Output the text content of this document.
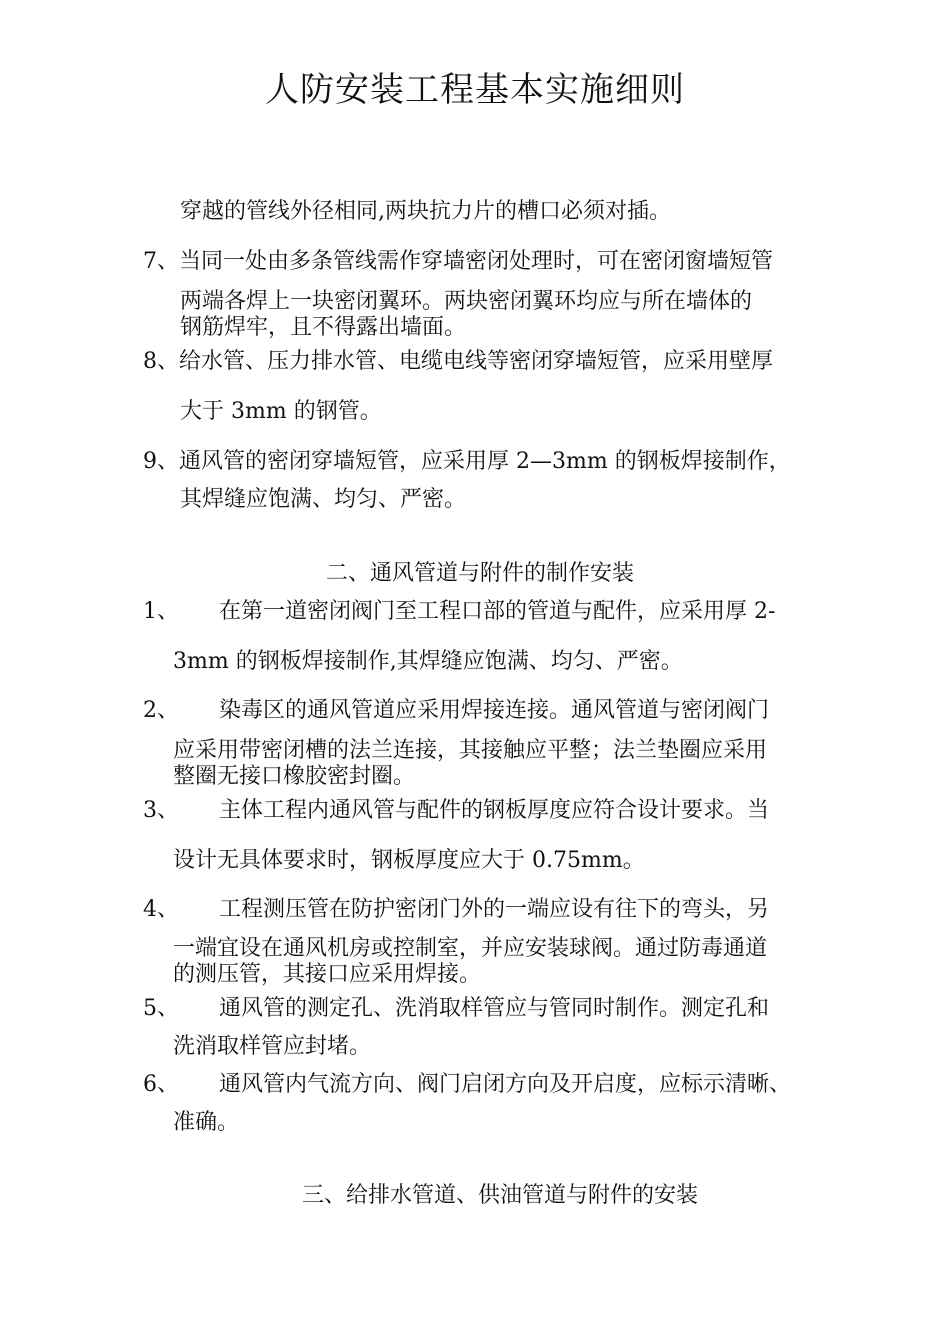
人防安装工程基本实施细则
穿越的管线外径相同,两块抗力片的槽口必须对插。
7、当同一处由多条管线需作穿墙密闭处理时，可在密闭窗墙短管
两端各焊上一块密闭翼环。两块密闭翼环均应与所在墙体的
钢筋焊牢，且不得露出墙面。
8、给水管、压力排水管、电缆电线等密闭穿墙短管，应采用壁厚
大于 3mm 的钢管。
9、通风管的密闭穿墙短管，应采用厚 2—3mm 的钢板焊接制作，
其焊缝应饱满、均匀、严密。
二、通风管道与附件的制作安装
1、 在第一道密闭阀门至工程口部的管道与配件，应采用厚 2-
3mm 的钢板焊接制作,其焊缝应饱满、均匀、严密。
2、 染毒区的通风管道应采用焊接连接。通风管道与密闭阀门
应采用带密闭槽的法兰连接，其接触应平整；法兰垫圈应采用
整圈无接口橡胶密封圈。
3、 主体工程内通风管与配件的钢板厚度应符合设计要求。当
设计无具体要求时，钢板厚度应大于 0.75mm。
4、 工程测压管在防护密闭门外的一端应设有往下的弯头，另
一端宜设在通风机房或控制室，并应安装球阀。通过防毒通道
的测压管，其接口应采用焊接。
5、 通风管的测定孔、洗消取样管应与管同时制作。测定孔和
洗消取样管应封堵。
6、 通风管内气流方向、阀门启闭方向及开启度，应标示清晰、
准确。
三、给排水管道、供油管道与附件的安装
